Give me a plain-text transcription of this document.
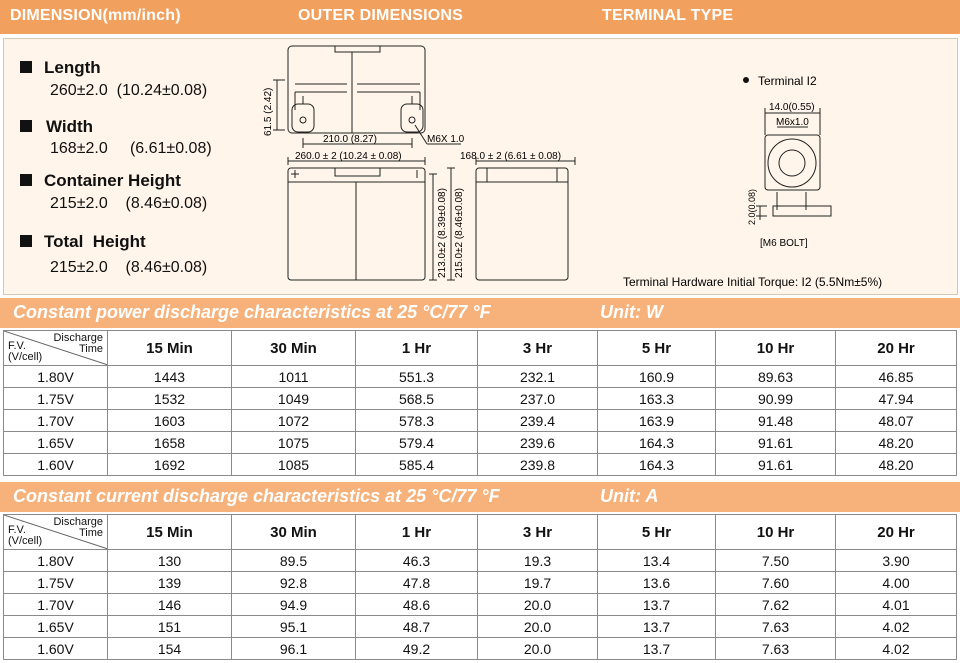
DIMENSION(mm/inch)	OUTER DIMENSIONS	TERMINAL TYPE
Length
260±2.0 (10.24±0.08)
Width
168±2.0 (6.61±0.08)
Container Height
215±2.0 (8.46±0.08)
Total  Height
215±2.0 (8.46±0.08)
61.5 (2.42)
210.0 (8.27)	M6X 1.0
260.0 ± 2 (10.24 ± 0.08)	168.0 ± 2 (6.61 ± 0.08)
213.0±2 (8.39±0.08) 215.0±2 (8.46±0.08)
Terminal I2
14.0(0.55)
M6x1.0
2.0(0.08)
[M6 BOLT]
Terminal Hardware Initial Torque: I2 (5.5Nm±5%)
Constant power discharge characteristics at 25 °C/77 °F	Unit: W
Discharge
Time
F.V.
(V/cell)	15 Min	30 Min	1 Hr	3 Hr	5 Hr	10 Hr	20 Hr
1.80V	1443	1011	551.3	232.1	160.9	89.63	46.85
1.75V	1532	1049	568.5	237.0	163.3	90.99	47.94
1.70V	1603	1072	578.3	239.4	163.9	91.48	48.07
1.65V	1658	1075	579.4	239.6	164.3	91.61	48.20
1.60V	1692	1085	585.4	239.8	164.3	91.61	48.20
Constant current discharge characteristics at 25 °C/77 °F	Unit: A
Discharge
Time
F.V.
(V/cell)	15 Min	30 Min	1 Hr	3 Hr	5 Hr	10 Hr	20 Hr
1.80V	130	89.5	46.3	19.3	13.4	7.50	3.90
1.75V	139	92.8	47.8	19.7	13.6	7.60	4.00
1.70V	146	94.9	48.6	20.0	13.7	7.62	4.01
1.65V	151	95.1	48.7	20.0	13.7	7.63	4.02
1.60V	154	96.1	49.2	20.0	13.7	7.63	4.02
